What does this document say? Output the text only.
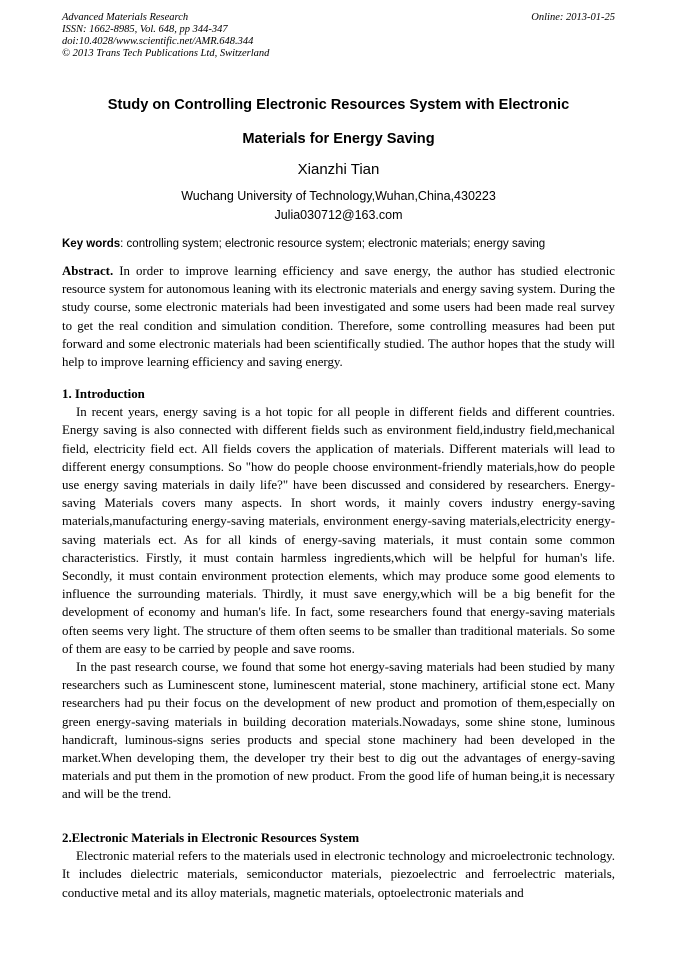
Advanced Materials Research
ISSN: 1662-8985, Vol. 648, pp 344-347
doi:10.4028/www.scientific.net/AMR.648.344
© 2013 Trans Tech Publications Ltd, Switzerland
Online: 2013-01-25
Study on Controlling Electronic Resources System with Electronic
Materials for Energy Saving
Xianzhi Tian
Wuchang University of Technology,Wuhan,China,430223
Julia030712@163.com
Key words: controlling system; electronic resource system; electronic materials; energy saving
Abstract. In order to improve learning efficiency and save energy, the author has studied electronic resource system for autonomous leaning with its electronic materials and energy saving system. During the study course, some electronic materials had been investigated and some users had been made real survey to get the real condition and simulation condition. Therefore, some controlling measures had been put forward and some electronic materials had been scientifically studied. The author hopes that the study will help to improve learning efficiency and saving energy.
1. Introduction

In recent years, energy saving is a hot topic for all people in different fields and different countries. Energy saving is also connected with different fields such as environment field,industry field,mechanical field, electricity field ect. All fields covers the application of materials. Different materials will lead to different energy consumptions. So "how do people choose environment-friendly materials,how do people use energy saving materials in daily life?" have been discussed and considered by researchers. Energy-saving Materials covers many aspects. In short words, it mainly covers industry energy-saving materials,manufacturing energy-saving materials, environment energy-saving materials,electricity energy-saving materials ect. As for all kinds of energy-saving materials, it must contain some common characteristics. Firstly, it must contain harmless ingredients,which will be helpful for human's life. Secondly, it must contain environment protection elements, which may produce some good elements to influence the surrounding materials. Thirdly, it must save energy,which will be a big benefit for the development of economy and human's life. In fact, some researchers found that energy-saving materials often seems very light. The structure of them often seems to be smaller than traditional materials. So some of them are easy to be carried by people and save rooms.

In the past research course, we found that some hot energy-saving materials had been studied by many researchers such as Luminescent stone, luminescent material, stone machinery, artificial stone ect. Many researchers had pu their focus on the development of new product and promotion of them,especially on green energy-saving materials in building decoration materials.Nowadays, some shine stone, luminous handicraft, luminous-signs series products and special stone machinery had been developed in the market.When developing them, the developer try their best to dig out the advantages of energy-saving materials and put them in the promotion of new product. From the good life of human being,it is necessary and will be the trend.

2.Electronic Materials in Electronic Resources System

Electronic material refers to the materials used in electronic technology and microelectronic technology. It includes dielectric materials, semiconductor materials, piezoelectric and ferroelectric materials, conductive metal and its alloy materials, magnetic materials, optoelectronic materials and
